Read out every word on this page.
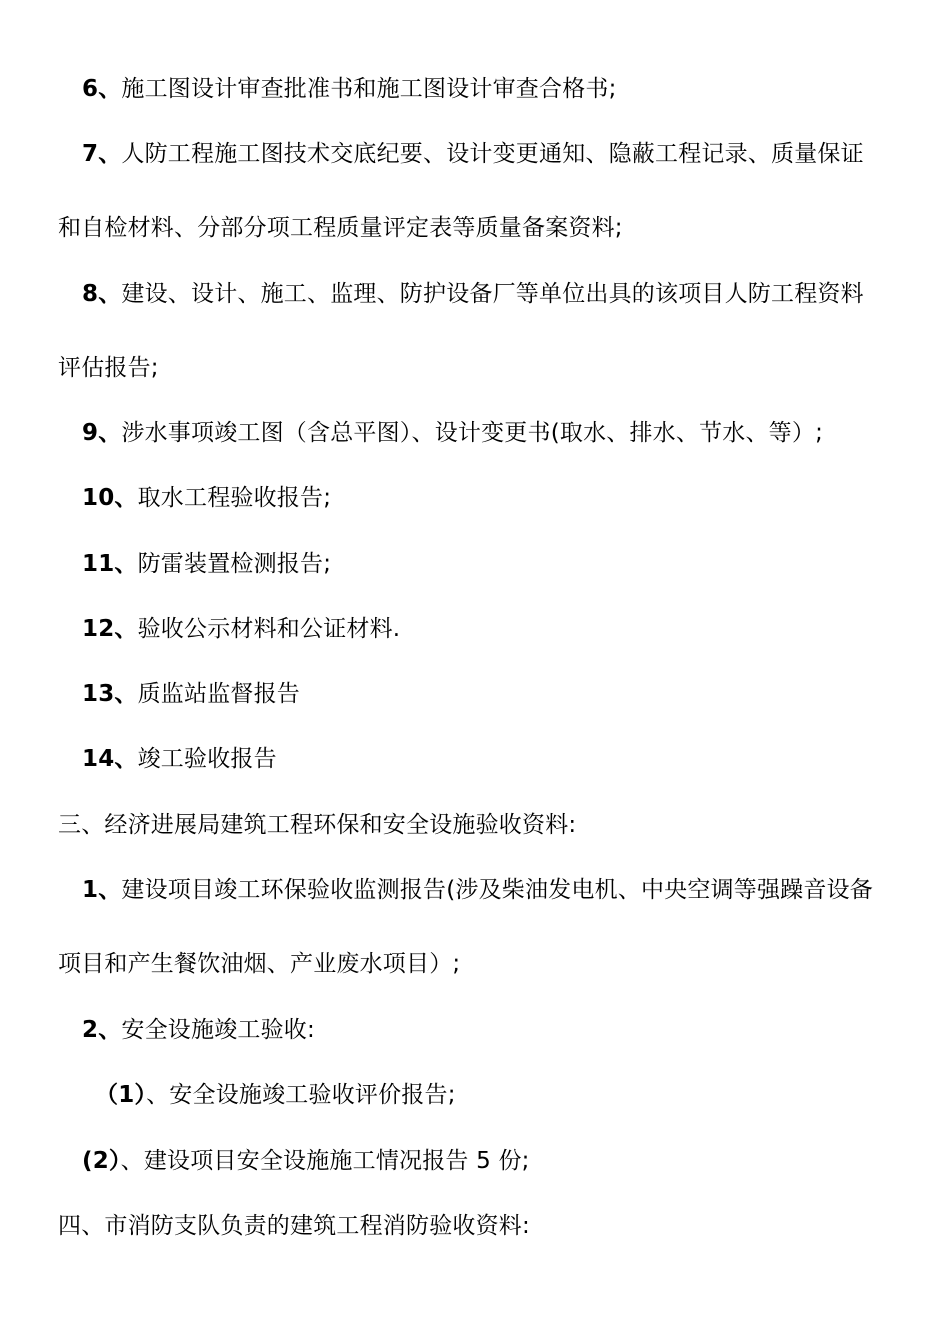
6、施工图设计审查批准书和施工图设计审查合格书;
7、人防工程施工图技术交底纪要、设计变更通知、隐蔽工程记录、质量保证
和自检材料、分部分项工程质量评定表等质量备案资料;
8、建设、设计、施工、监理、防护设备厂等单位出具的该项目人防工程资料
评估报告;
9、涉水事项竣工图（含总平图）、设计变更书(取水、排水、节水、等）;
10、取水工程验收报告;
11、防雷装置检测报告;
12、验收公示材料和公证材料.
13、质监站监督报告
14、竣工验收报告
三、经济进展局建筑工程环保和安全设施验收资料:
1、建设项目竣工环保验收监测报告(涉及柴油发电机、中央空调等强躁音设备
项目和产生餐饮油烟、产业废水项目）;
2、安全设施竣工验收:
（1）、安全设施竣工验收评价报告;
(2）、建设项目安全设施施工情况报告 5 份;
四、市消防支队负责的建筑工程消防验收资料:
